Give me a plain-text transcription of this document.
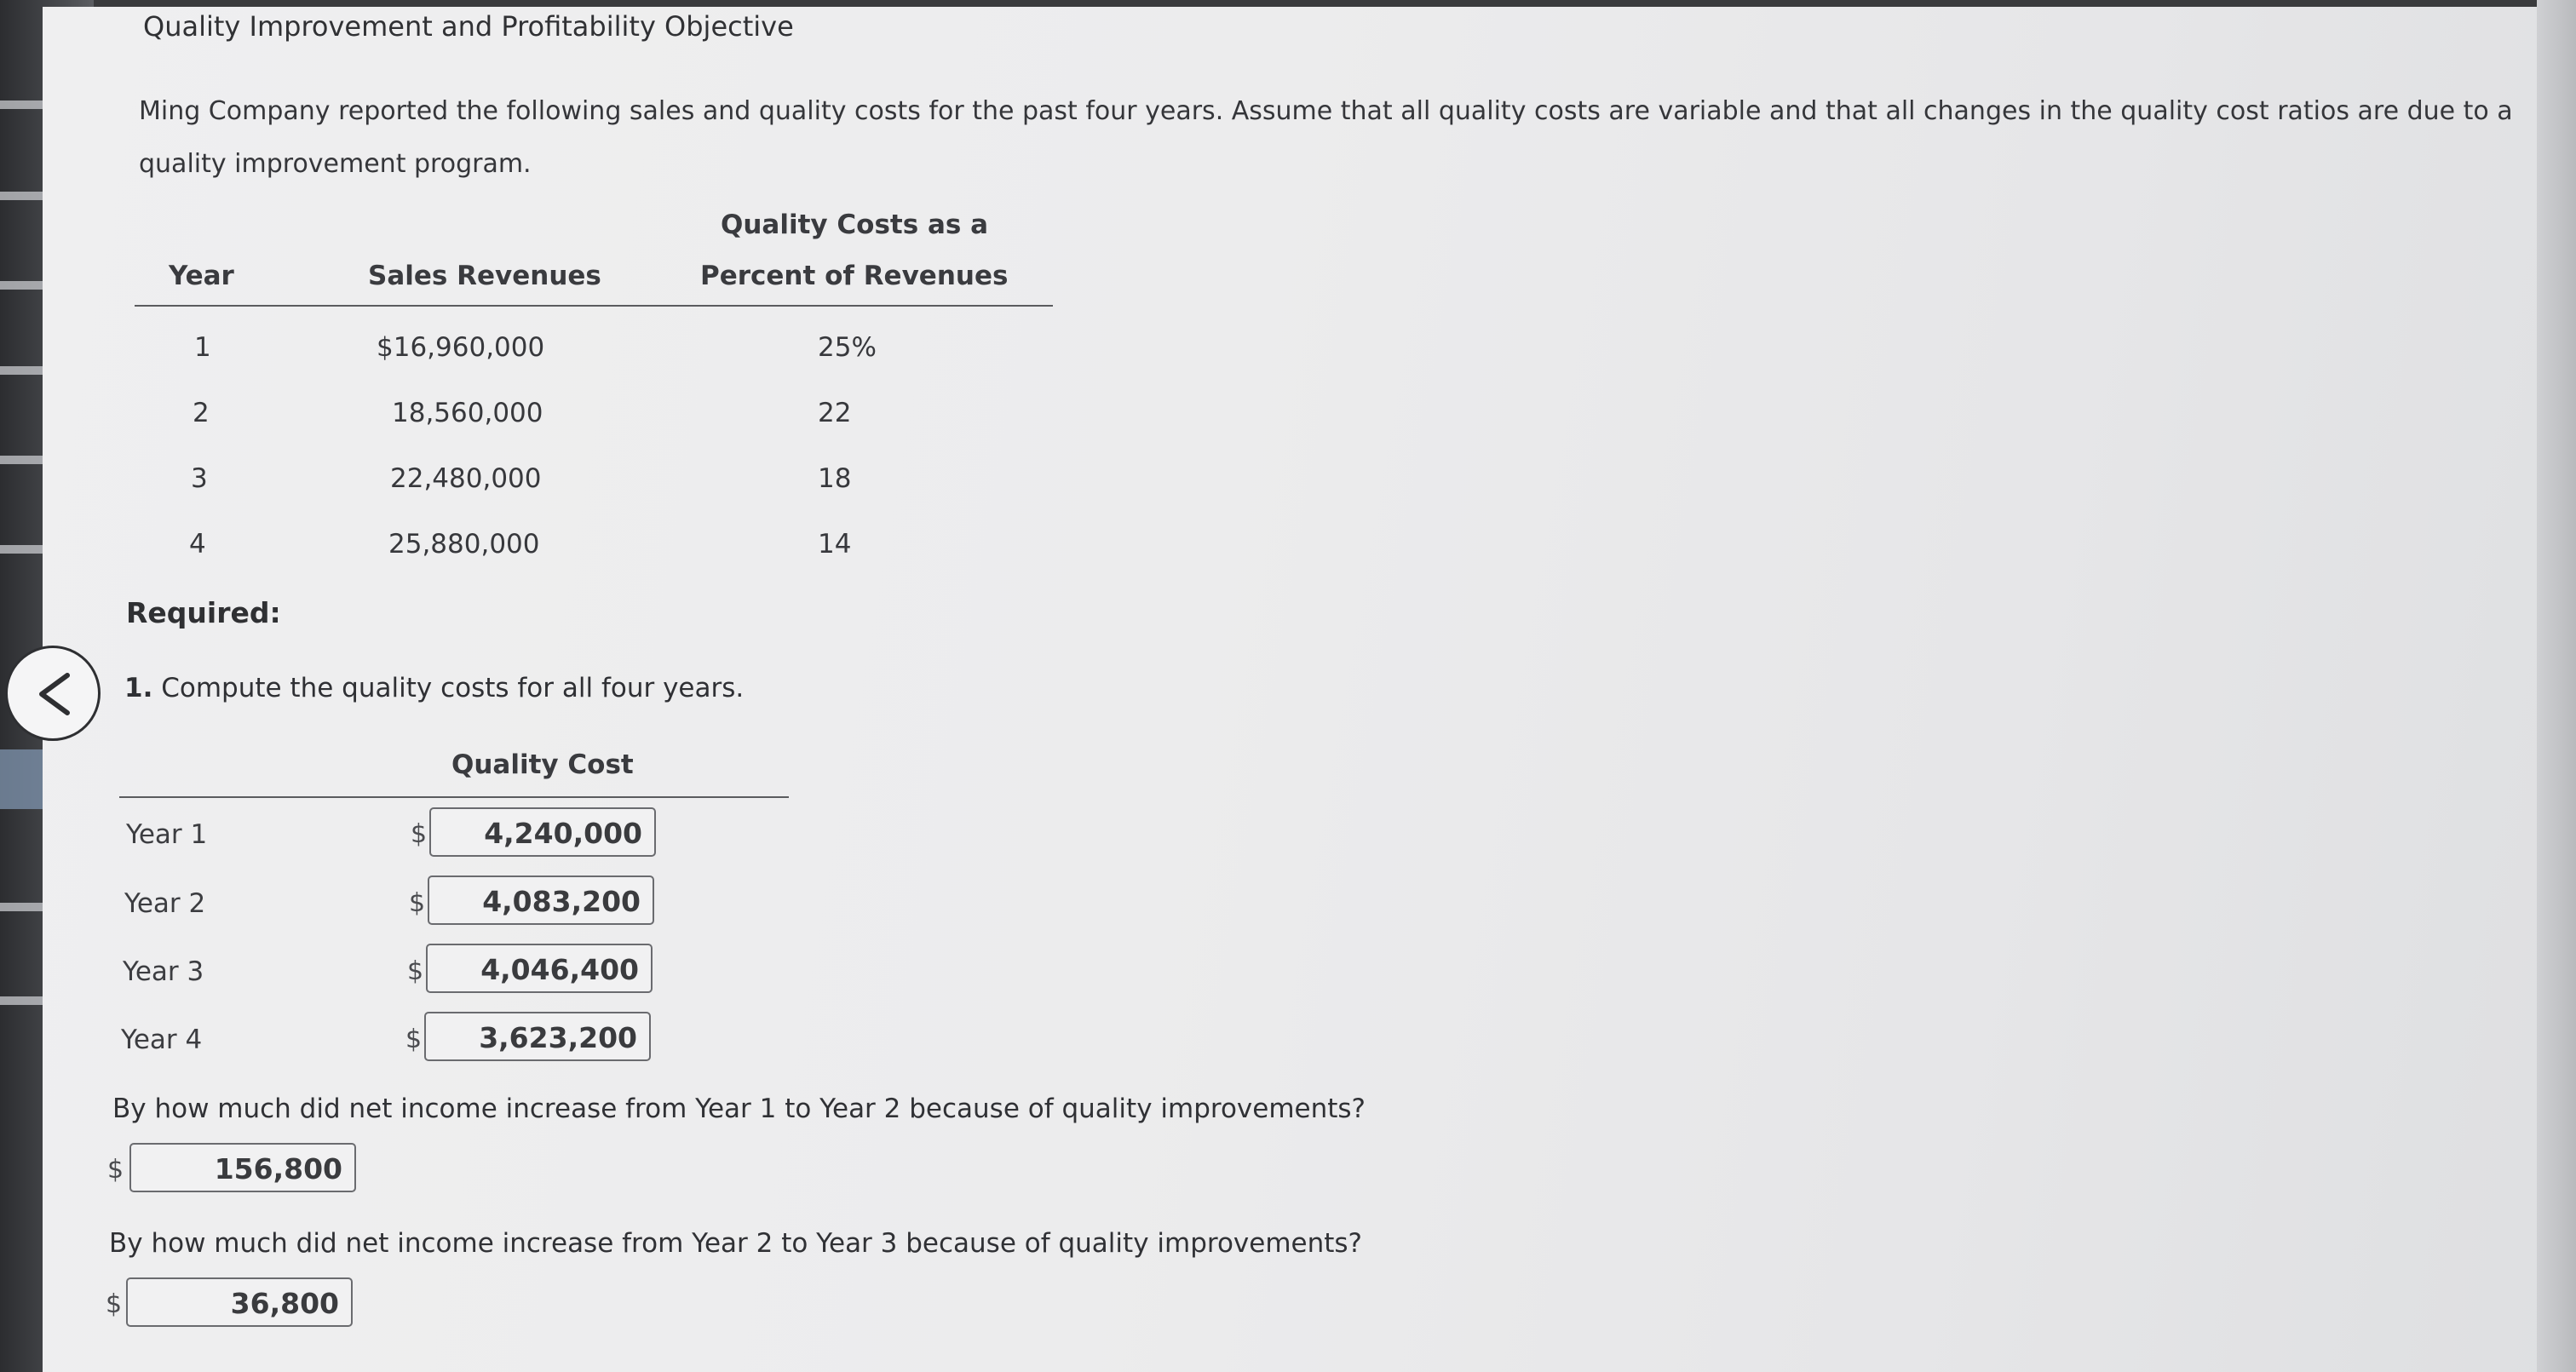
Quality Improvement and Profitability Objective
Ming Company reported the following sales and quality costs for the past four years. Assume that all quality costs are variable and that all changes in the quality cost ratios are due to a quality improvement program.
Year	Sales Revenues
Quality Costs as a
Percent of Revenues
1	$16,960,000	25%
2	18,560,000	22
3	22,480,000	18
4	25,880,000	14
Required:
1. Compute the quality costs for all four years.
Quality Cost
Year 1	$	4,240,000
Year 2	$	4,083,200
Year 3	$	4,046,400
Year 4	$	3,623,200
By how much did net income increase from Year 1 to Year 2 because of quality improvements?
$	156,800
By how much did net income increase from Year 2 to Year 3 because of quality improvements?
$	36,800
